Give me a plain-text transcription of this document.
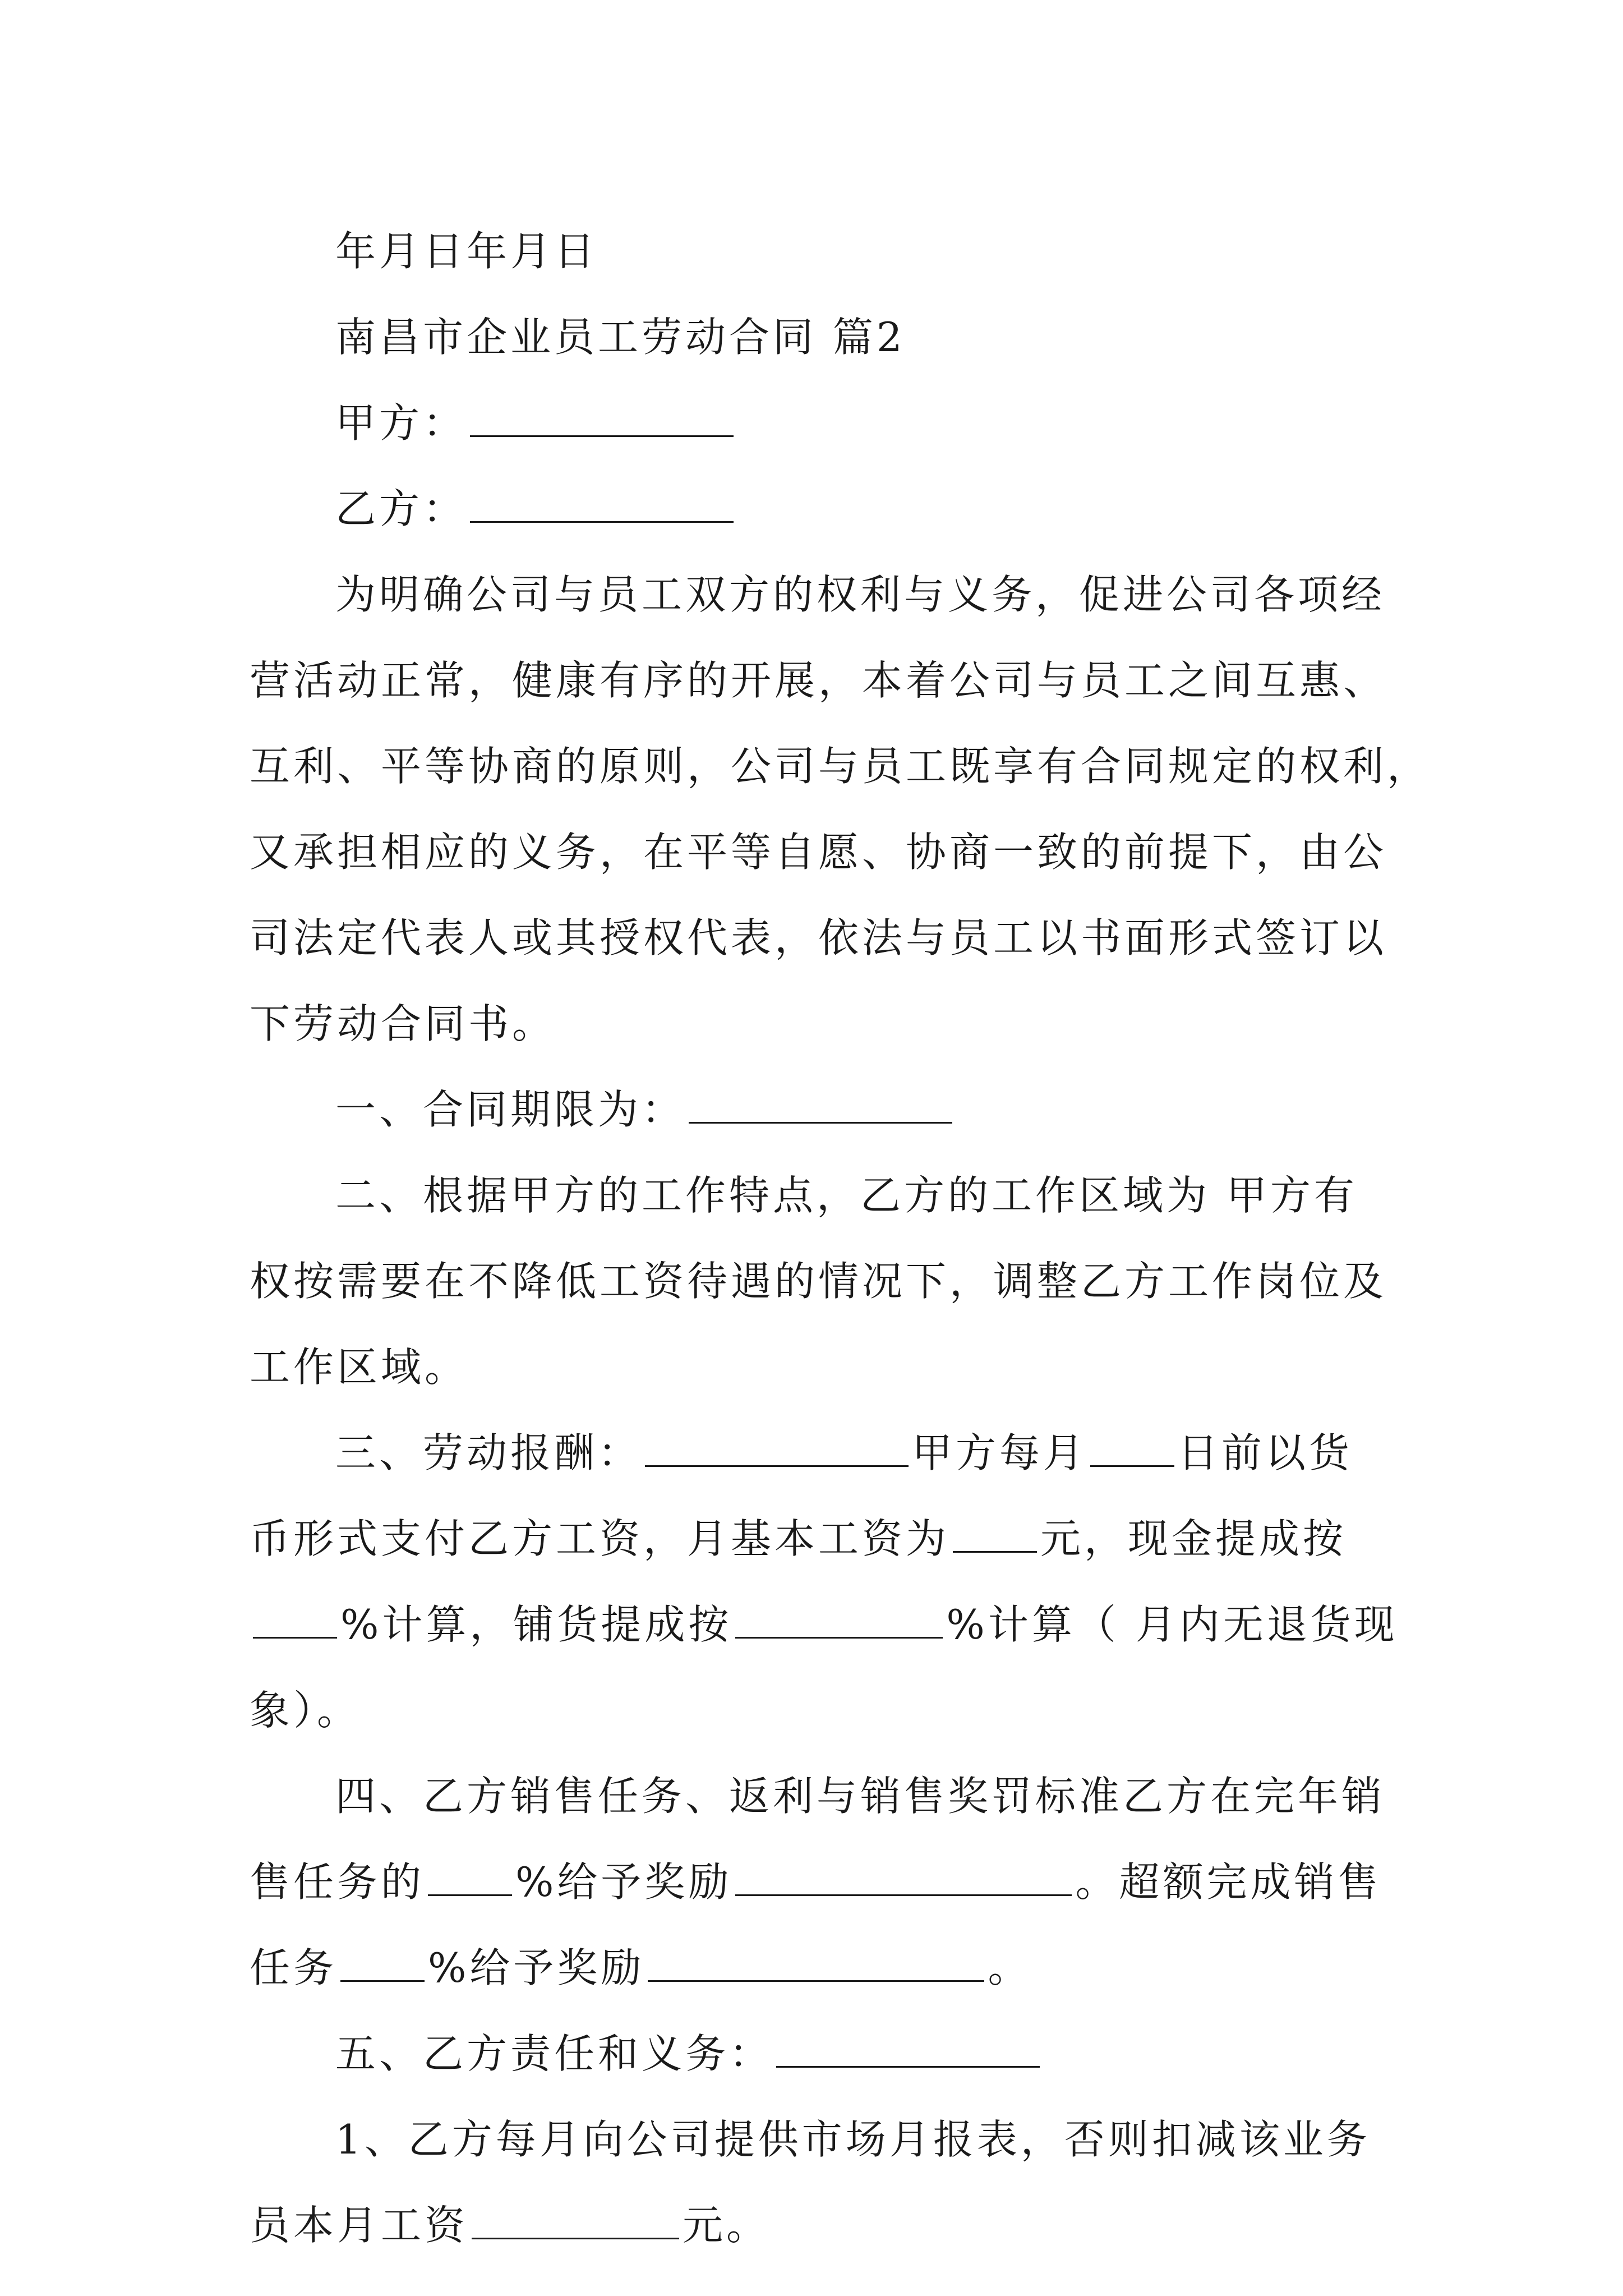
年月日年月日
南昌市企业员工劳动合同 篇2
甲方：
乙方：
为明确公司与员工双方的权利与义务，促进公司各项经
营活动正常，健康有序的开展，本着公司与员工之间互惠、
互利、平等协商的原则，公司与员工既享有合同规定的权利，
又承担相应的义务，在平等自愿、协商一致的前提下，由公
司法定代表人或其授权代表，依法与员工以书面形式签订以
下劳动合同书。
一、合同期限为：
二、根据甲方的工作特点，乙方的工作区域为 甲方有
权按需要在不降低工资待遇的情况下，调整乙方工作岗位及
工作区域。
三、劳动报酬：	甲方每月 日前以货
币形式支付乙方工资，月基本工资为 元，现金提成按
%计算，铺货提成按	%计算（ 月内无退货现
象）。
四、乙方销售任务、返利与销售奖罚标准乙方在完年销
售任务的 %给予奖励	。超额完成销售
任务 %给予奖励	。
五、乙方责任和义务：
1、乙方每月向公司提供市场月报表，否则扣减该业务
员本月工资	元。
